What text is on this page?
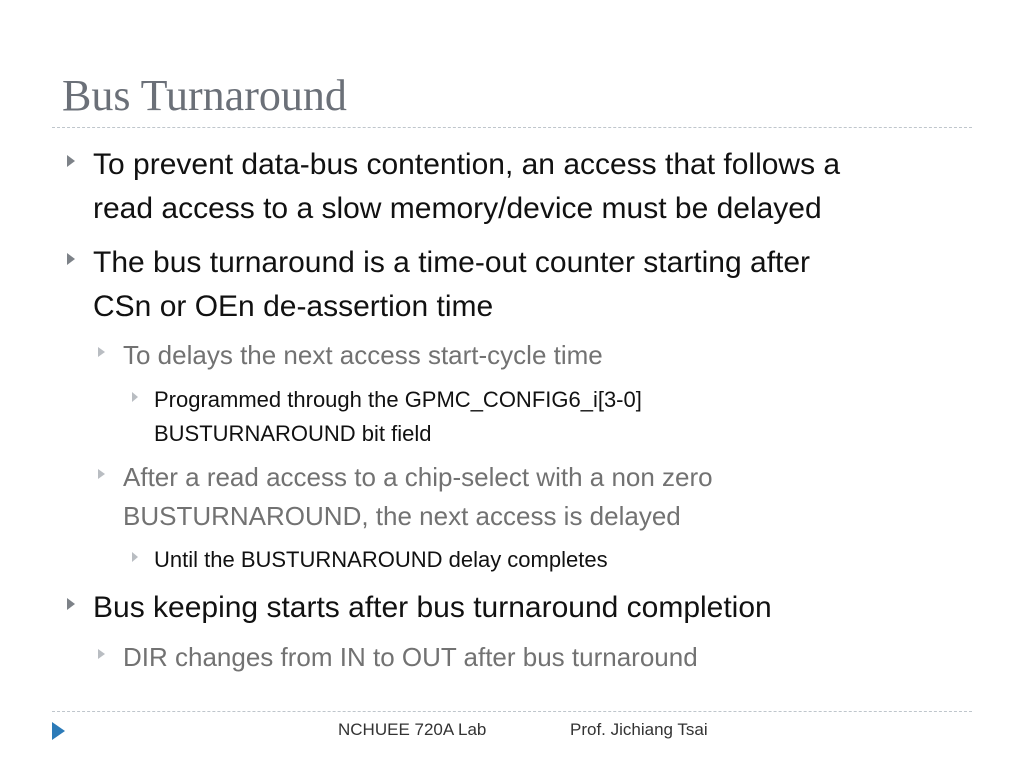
Bus Turnaround
To prevent data-bus contention, an access that follows a
read access to a slow memory/device must be delayed
The bus turnaround is a time-out counter starting after
CSn or OEn de-assertion time
To delays the next access start-cycle time
Programmed through the GPMC_CONFIG6_i[3-0]
BUSTURNAROUND bit field
After a read access to a chip-select with a non zero
BUSTURNAROUND, the next access is delayed
Until the BUSTURNAROUND delay completes
Bus keeping starts after bus turnaround completion
DIR changes from IN to OUT after bus turnaround
NCHUEE 720A Lab	Prof. Jichiang Tsai
